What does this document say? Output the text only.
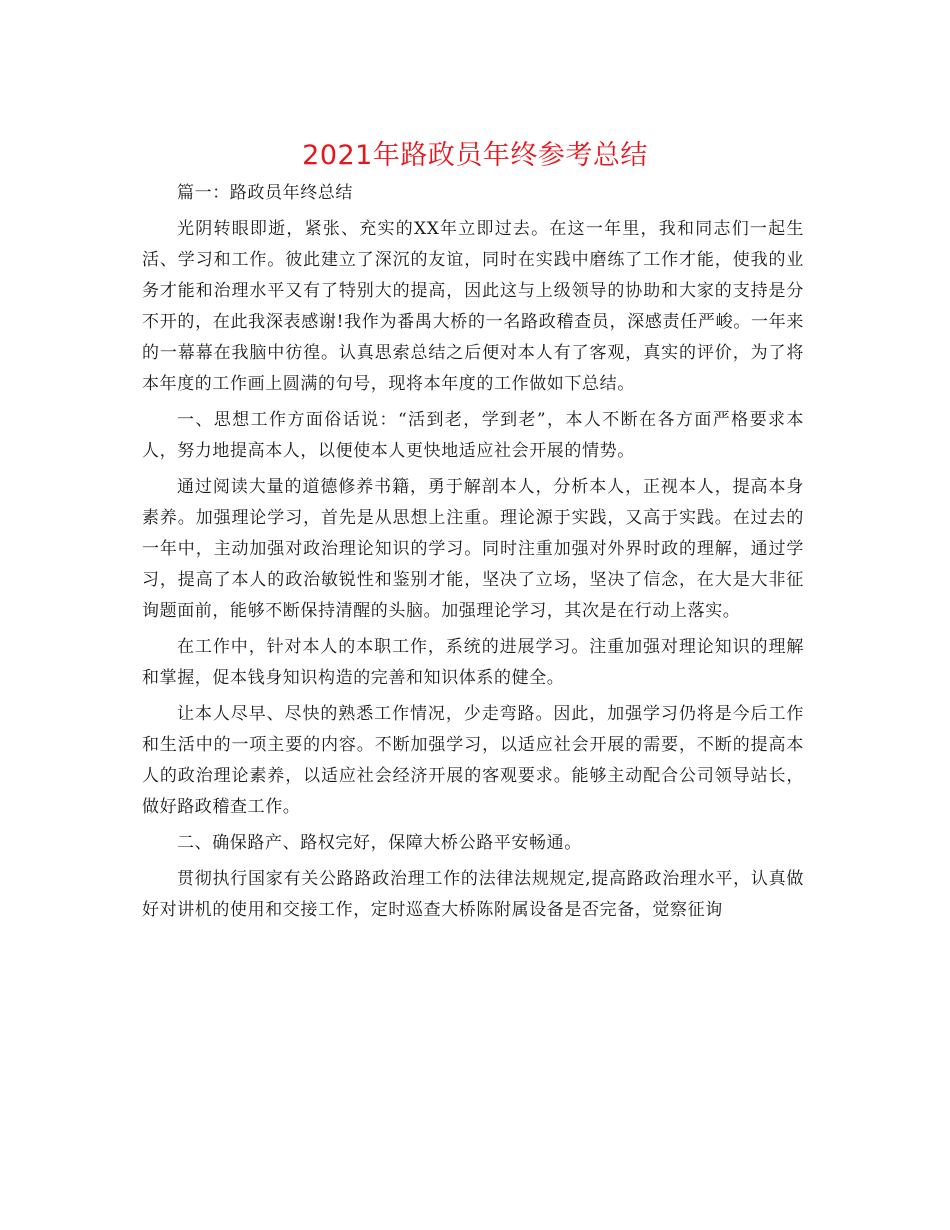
2021年路政员年终参考总结

篇一：路政员年终总结

光阴转眼即逝，紧张、充实的XX年立即过去。在这一年里，我和同志们一起生活、学习和工作。彼此建立了深沉的友谊，同时在实践中磨练了工作才能，使我的业务才能和治理水平又有了特别大的提高，因此这与上级领导的协助和大家的支持是分不开的，在此我深表感谢!我作为番禺大桥的一名路政稽查员，深感责任严峻。一年来的一幕幕在我脑中彷徨。认真思索总结之后便对本人有了客观，真实的评价，为了将本年度的工作画上圆满的句号，现将本年度的工作做如下总结。

一、思想工作方面俗话说：“活到老，学到老”，本人不断在各方面严格要求本人，努力地提高本人，以便使本人更快地适应社会开展的情势。

通过阅读大量的道德修养书籍，勇于解剖本人，分析本人，正视本人，提高本身素养。加强理论学习，首先是从思想上注重。理论源于实践，又高于实践。在过去的一年中，主动加强对政治理论知识的学习。同时注重加强对外界时政的理解，通过学习，提高了本人的政治敏锐性和鉴别才能，坚决了立场，坚决了信念，在大是大非征询题面前，能够不断保持清醒的头脑。加强理论学习，其次是在行动上落实。

在工作中，针对本人的本职工作，系统的进展学习。注重加强对理论知识的理解和掌握，促本钱身知识构造的完善和知识体系的健全。

让本人尽早、尽快的熟悉工作情况，少走弯路。因此，加强学习仍将是今后工作和生活中的一项主要的内容。不断加强学习，以适应社会开展的需要，不断的提高本人的政治理论素养，以适应社会经济开展的客观要求。能够主动配合公司领导站长，做好路政稽查工作。

二、确保路产、路权完好，保障大桥公路平安畅通。

贯彻执行国家有关公路路政治理工作的法律法规规定,提高路政治理水平，认真做好对讲机的使用和交接工作，定时巡查大桥陈附属设备是否完备，觉察征询
